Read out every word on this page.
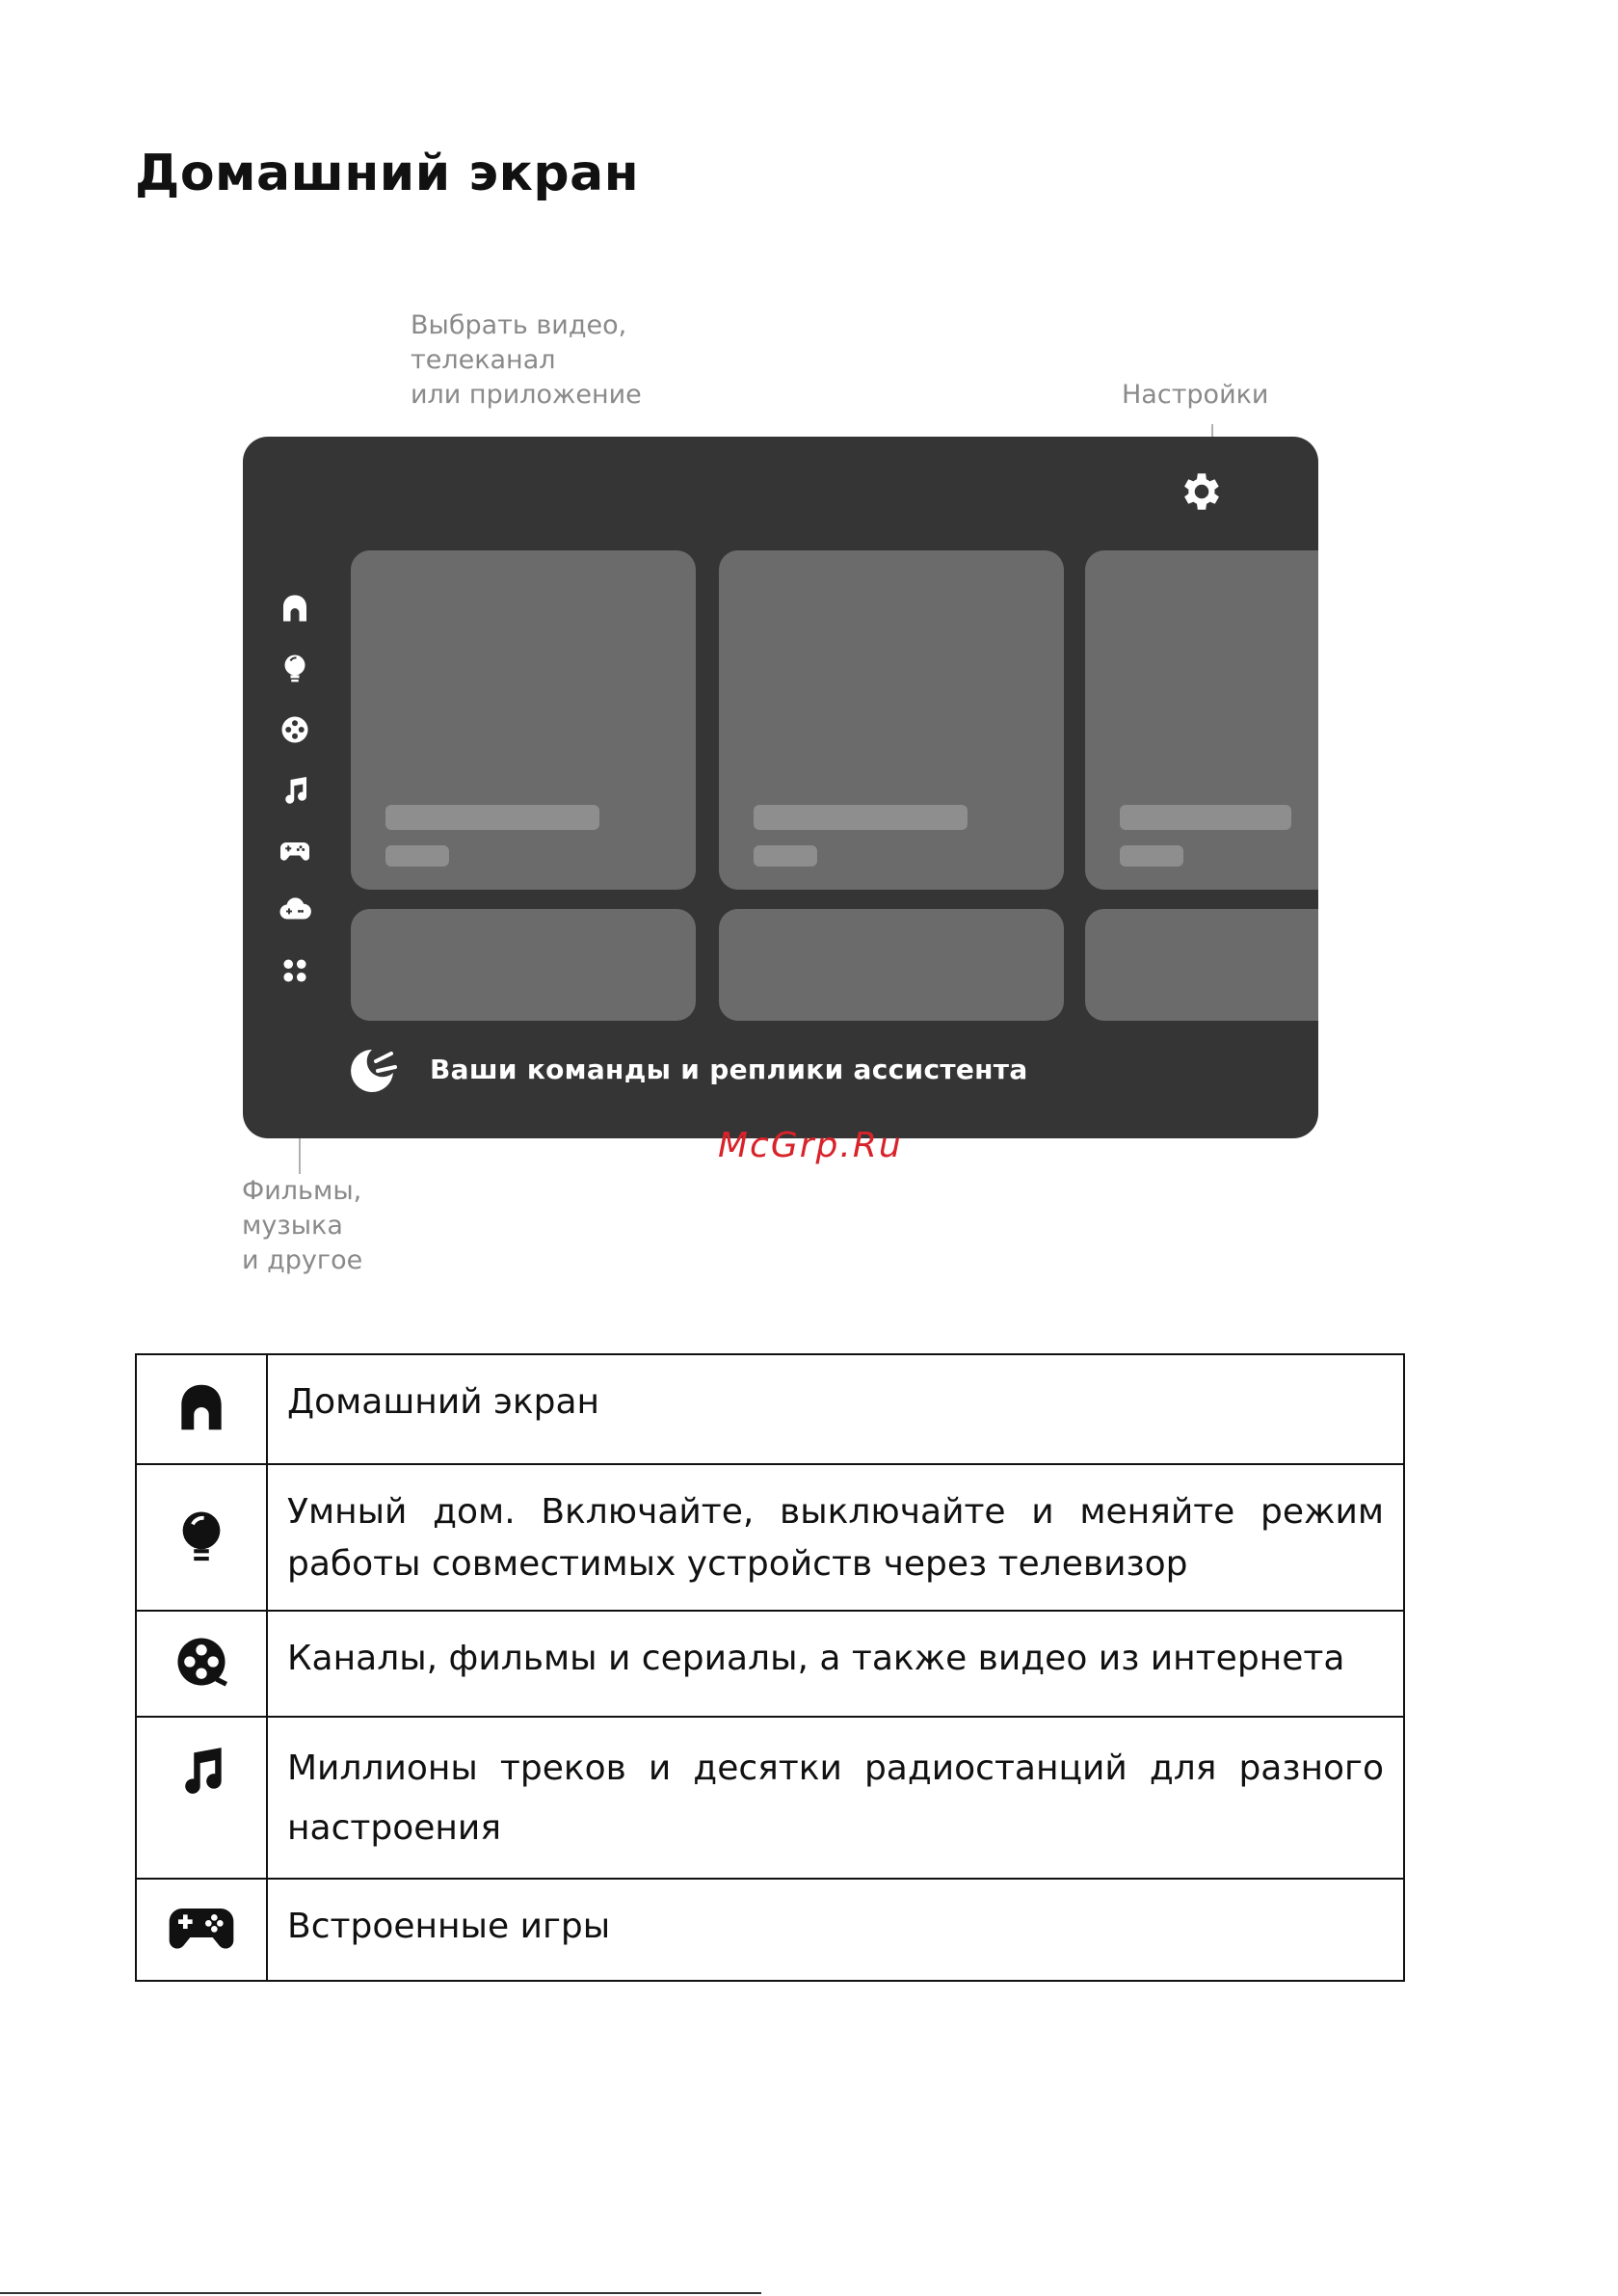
Домашний экран
Выбрать видео,
телеканал
или приложение	Настройки
Ваши команды и реплики ассистента
McGrp.Ru
Фильмы,
музыка
и другое
	Домашний экран
	Умный дом. Включайте, выключайте и меняйте режим работы совместимых устройств через телевизор
	Каналы, фильмы и сериалы, а также видео из интернета
	Миллионы треков и десятки радиостанций для разного настроения
	Встроенные игры
